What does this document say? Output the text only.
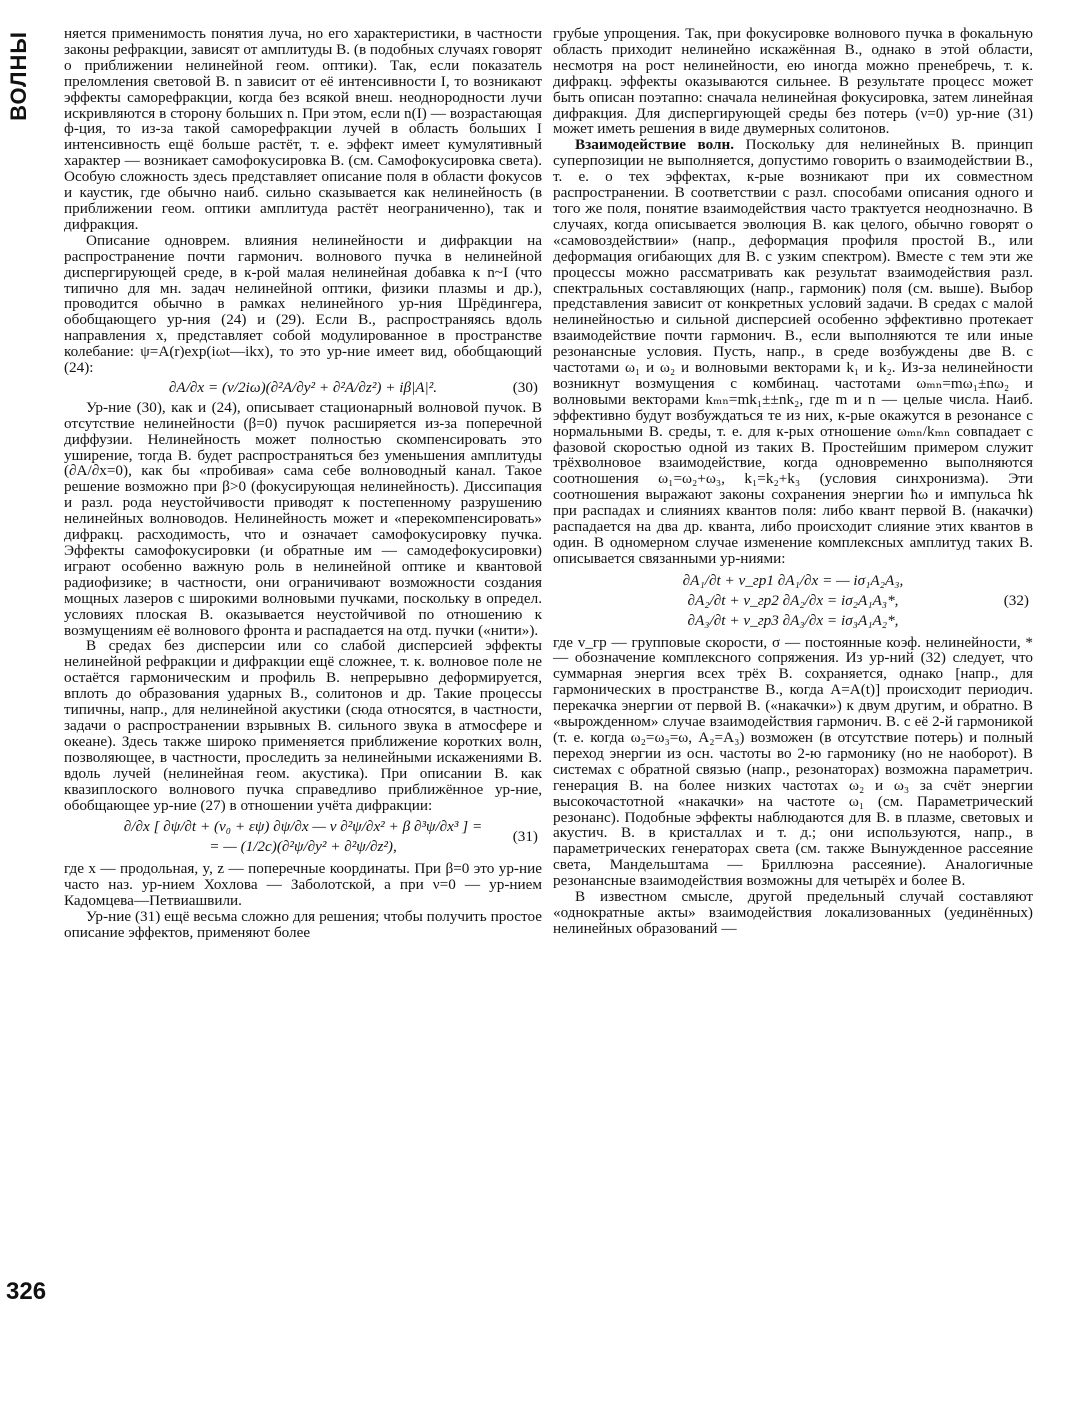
ВОЛНЫ
326

няется применимость понятия луча, но его характеристики, в частности законы рефракции, зависят от амплитуды В. (в подобных случаях говорят о приближении нелинейной геом. оптики). Так, если показатель преломления световой В. n зависит от её интенсивности I, то возникают эффекты саморефракции, когда без всякой внеш. неоднородности лучи искривляются в сторону больших n. При этом, если n(I) — возрастающая ф-ция, то из-за такой саморефракции лучей в область больших I интенсивность ещё больше растёт, т. е. эффект имеет кумулятивный характер — возникает самофокусировка В. (см. Самофокусировка света). Особую сложность здесь представляет описание поля в области фокусов и каустик, где обычно наиб. сильно сказывается как нелинейность (в приближении геом. оптики амплитуда растёт неограниченно), так и дифракция.

Описание одноврем. влияния нелинейности и дифракции на распространение почти гармонич. волнового пучка в нелинейной диспергирующей среде, в к-рой малая нелинейная добавка к n~I (что типично для мн. задач нелинейной оптики, физики плазмы и др.), проводится обычно в рамках нелинейного ур-ния Шрёдингера, обобщающего ур-ния (24) и (29). Если В., распространяясь вдоль направления x, представляет собой модулированное в пространстве колебание: ψ=A(r)exp(iωt—ikx), то это ур-ние имеет вид, обобщающий (24):

∂A/∂x = (v/2iω)(∂²A/∂y² + ∂²A/∂z²) + iβ|A|².	(30)

Ур-ние (30), как и (24), описывает стационарный волновой пучок. В отсутствие нелинейности (β=0) пучок расширяется из-за поперечной диффузии. Нелинейность может полностью скомпенсировать это уширение, тогда В. будет распространяться без уменьшения амплитуды (∂A/∂x=0), как бы «пробивая» сама себе волноводный канал. Такое решение возможно при β>0 (фокусирующая нелинейность). Диссипация и разл. рода неустойчивости приводят к постепенному разрушению нелинейных волноводов. Нелинейность может и «перекомпенсировать» дифракц. расходимость, что и означает самофокусировку пучка. Эффекты самофокусировки (и обратные им — самодефокусировки) играют особенно важную роль в нелинейной оптике и квантовой радиофизике; в частности, они ограничивают возможности создания мощных лазеров с широкими волновыми пучками, поскольку в определ. условиях плоская В. оказывается неустойчивой по отношению к возмущениям её волнового фронта и распадается на отд. пучки («нити»).

В средах без дисперсии или со слабой дисперсией эффекты нелинейной рефракции и дифракции ещё сложнее, т. к. волновое поле не остаётся гармоническим и профиль В. непрерывно деформируется, вплоть до образования ударных В., солитонов и др. Такие процессы типичны, напр., для нелинейной акустики (сюда относятся, в частности, задачи о распространении взрывных В. сильного звука в атмосфере и океане). Здесь также широко применяется приближение коротких волн, позволяющее, в частности, проследить за нелинейными искажениями В. вдоль лучей (нелинейная геом. акустика). При описании В. как квазиплоского волнового пучка справедливо приближённое ур-ние, обобщающее ур-ние (27) в отношении учёта дифракции:

∂/∂x [ ∂ψ/∂t + (v₀ + εψ) ∂ψ/∂x — ν ∂²ψ/∂x² + β ∂³ψ/∂x³ ] =
= — (1/2c)(∂²ψ/∂y² + ∂²ψ/∂z²),
(31)

где x — продольная, y, z — поперечные координаты. При β=0 это ур-ние часто наз. ур-нием Хохлова — Заболотской, а при ν=0 — ур-нием Кадомцева—Петвиашвили.

Ур-ние (31) ещё весьма сложно для решения; чтобы получить простое описание эффектов, применяют более

грубые упрощения. Так, при фокусировке волнового пучка в фокальную область приходит нелинейно искажённая В., однако в этой области, несмотря на рост нелинейности, ею иногда можно пренебречь, т. к. дифракц. эффекты оказываются сильнее. В результате процесс может быть описан поэтапно: сначала нелинейная фокусировка, затем линейная дифракция. Для диспергирующей среды без потерь (ν=0) ур-ние (31) может иметь решения в виде двумерных солитонов.

Взаимодействие волн. Поскольку для нелинейных В. принцип суперпозиции не выполняется, допустимо говорить о взаимодействии В., т. е. о тех эффектах, к-рые возникают при их совместном распространении. В соответствии с разл. способами описания одного и того же поля, понятие взаимодействия часто трактуется неоднозначно. В случаях, когда описывается эволюция В. как целого, обычно говорят о «самовоздействии» (напр., деформация профиля простой В., или деформация огибающих для В. с узким спектром). Вместе с тем эти же процессы можно рассматривать как результат взаимодействия разл. спектральных составляющих (напр., гармоник) поля (см. выше). Выбор представления зависит от конкретных условий задачи. В средах с малой нелинейностью и сильной дисперсией особенно эффективно протекает взаимодействие почти гармонич. В., если выполняются те или иные резонансные условия. Пусть, напр., в среде возбуждены две В. с частотами ω₁ и ω₂ и волновыми векторами k₁ и k₂. Из-за нелинейности возникнут возмущения с комбинац. частотами ωₘₙ=mω₁±nω₂ и волновыми векторами kₘₙ=mk₁±±nk₂, где m и n — целые числа. Наиб. эффективно будут возбуждаться те из них, к-рые окажутся в резонансе с нормальными В. среды, т. е. для к-рых отношение ωₘₙ/kₘₙ совпадает с фазовой скоростью одной из таких В. Простейшим примером служит трёхволновое взаимодействие, когда одновременно выполняются соотношения ω₁=ω₂+ω₃, k₁=k₂+k₃ (условия синхронизма). Эти соотношения выражают законы сохранения энергии ħω и импульса ħk при распадах и слияниях квантов поля: либо квант первой В. (накачки) распадается на два др. кванта, либо происходит слияние этих квантов в один. В одномерном случае изменение комплексных амплитуд таких В. описывается связанными ур-ниями:

∂A₁/∂t + v_гр1 ∂A₁/∂x = — iσ₁A₂A₃,
∂A₂/∂t + v_гр2 ∂A₂/∂x = iσ₂A₁A₃*,
∂A₃/∂t + v_гр3 ∂A₃/∂x = iσ₃A₁A₂*,
(32)

где v_гр — групповые скорости, σ — постоянные коэф. нелинейности, * — обозначение комплексного сопряжения. Из ур-ний (32) следует, что суммарная энергия всех трёх В. сохраняется, однако [напр., для гармонических в пространстве В., когда A=A(t)] происходит периодич. перекачка энергии от первой В. («накачки») к двум другим, и обратно. В «вырожденном» случае взаимодействия гармонич. В. с её 2-й гармоникой (т. е. когда ω₂=ω₃=ω, A₂=A₃) возможен (в отсутствие потерь) и полный переход энергии из осн. частоты во 2-ю гармонику (но не наоборот). В системах с обратной связью (напр., резонаторах) возможна параметрич. генерация В. на более низких частотах ω₂ и ω₃ за счёт энергии высокочастотной «накачки» на частоте ω₁ (см. Параметрический резонанс). Подобные эффекты наблюдаются для В. в плазме, световых и акустич. В. в кристаллах и т. д.; они используются, напр., в параметрических генераторах света (см. также Вынужденное рассеяние света, Мандельштама — Бриллюэна рассеяние). Аналогичные резонансные взаимодействия возможны для четырёх и более В.

В известном смысле, другой предельный случай составляют «однократные акты» взаимодействия локализованных (уединённых) нелинейных образований —
